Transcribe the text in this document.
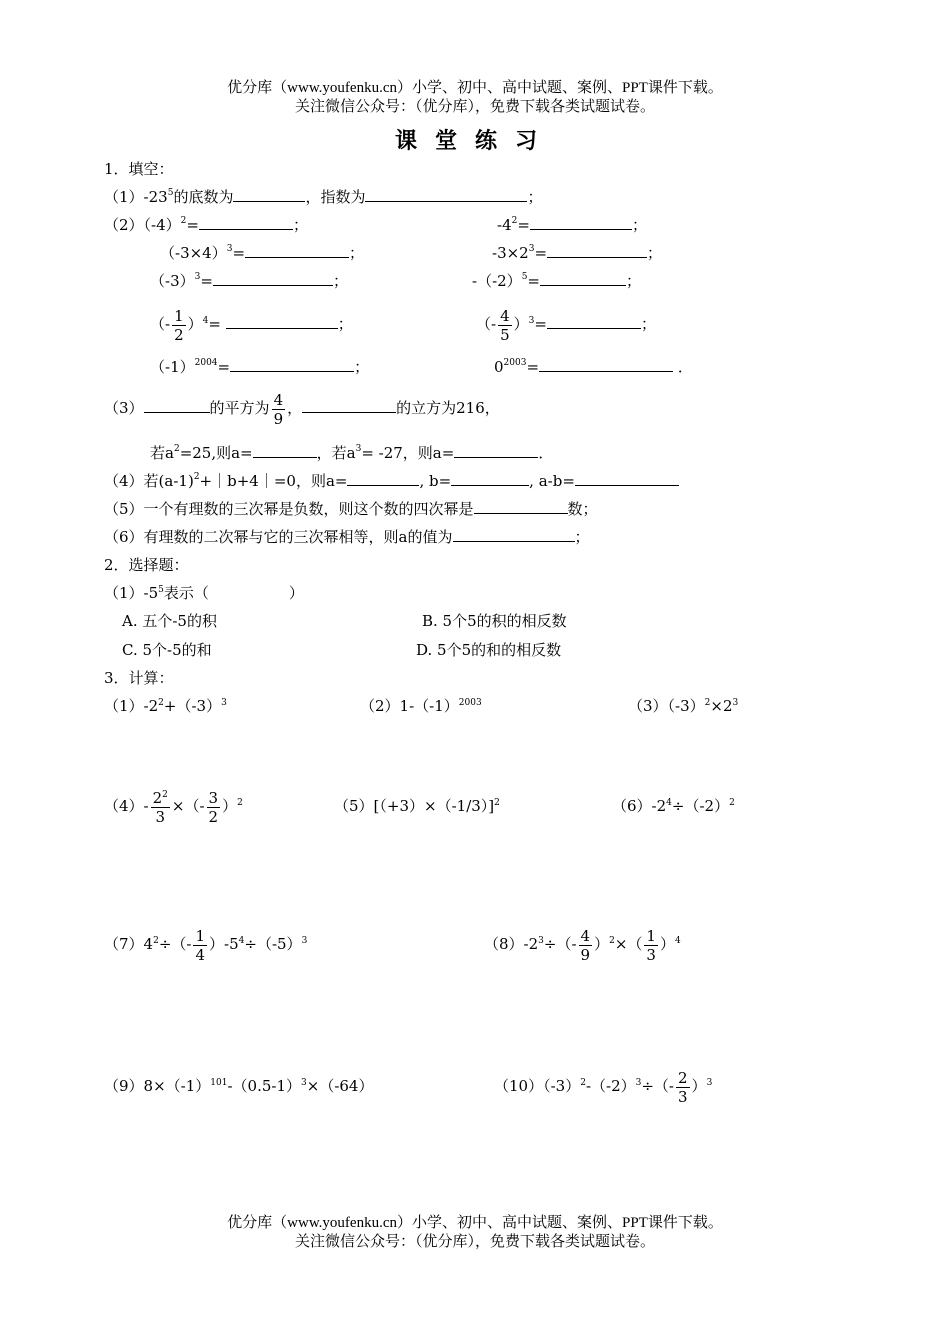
优分库（www.youfenku.cn）小学、初中、高中试题、案例、PPT课件下载。
关注微信公众号：（优分库），免费下载各类试题试卷。
课堂练习
1．填空：
$(1)-23^5$的底数为	，指数为	；
$(2)(-4)^2=$	；	$-4^2=$	；
$(-3\times 4)^3=$	；	$-3\times 2^3=$	；
$(-3)^3=$	；	$-(-2)^5=$	；
（- $\frac{1}{2} )^4=$	；	（- $\frac{4}{5} )^3=$	；
$(-1)^{2004}=$	；	$0^{2003}=$	．
（3）	的平方为 $\frac{4}{9}$ ，	的立方为216，
若$a^2=25$,则a=	，若$a^3= -27$，则a=	．
（4）若$(a-1)^2+|b+4|=0$，则a=	, b=	, a-b=
（5）一个有理数的三次幂是负数，则这个数的四次幂是	数；
（6）有理数的二次幂与它的三次幂相等，则a的值为	；
2．选择题：
$(1)-5^5$表示（	）
A. 五个-5的积	B. 5个5的积的相反数
C. 5个-5的和	D. 5个5的和的相反数
3．计算：
$(1)-2^2+(-3)^3$	$(2)1-(-1)^{2003}$	$(3)(-3)^2\times 2^3$
$(4)- \frac{2^2}{3}$ ×（- $\frac{3}{2} )^2$	$(5)[(+3)\times(-1/3)]^2$	$(6)-2^4\div(-2)^2$
$(7)4^2\div(- \frac{1}{4} )-5^4\div(-5)^3$	$(8)-2^3\div(- \frac{4}{9} )^2\times( \frac{1}{3} )^4$
$(9)8\times(-1)^{101}-(0.5-1)^3\times(-64)$	$(10)(-3)^2-(-2)^3\div(- \frac{2}{3} )^3$
优分库（www.youfenku.cn）小学、初中、高中试题、案例、PPT课件下载。
关注微信公众号：（优分库），免费下载各类试题试卷。
